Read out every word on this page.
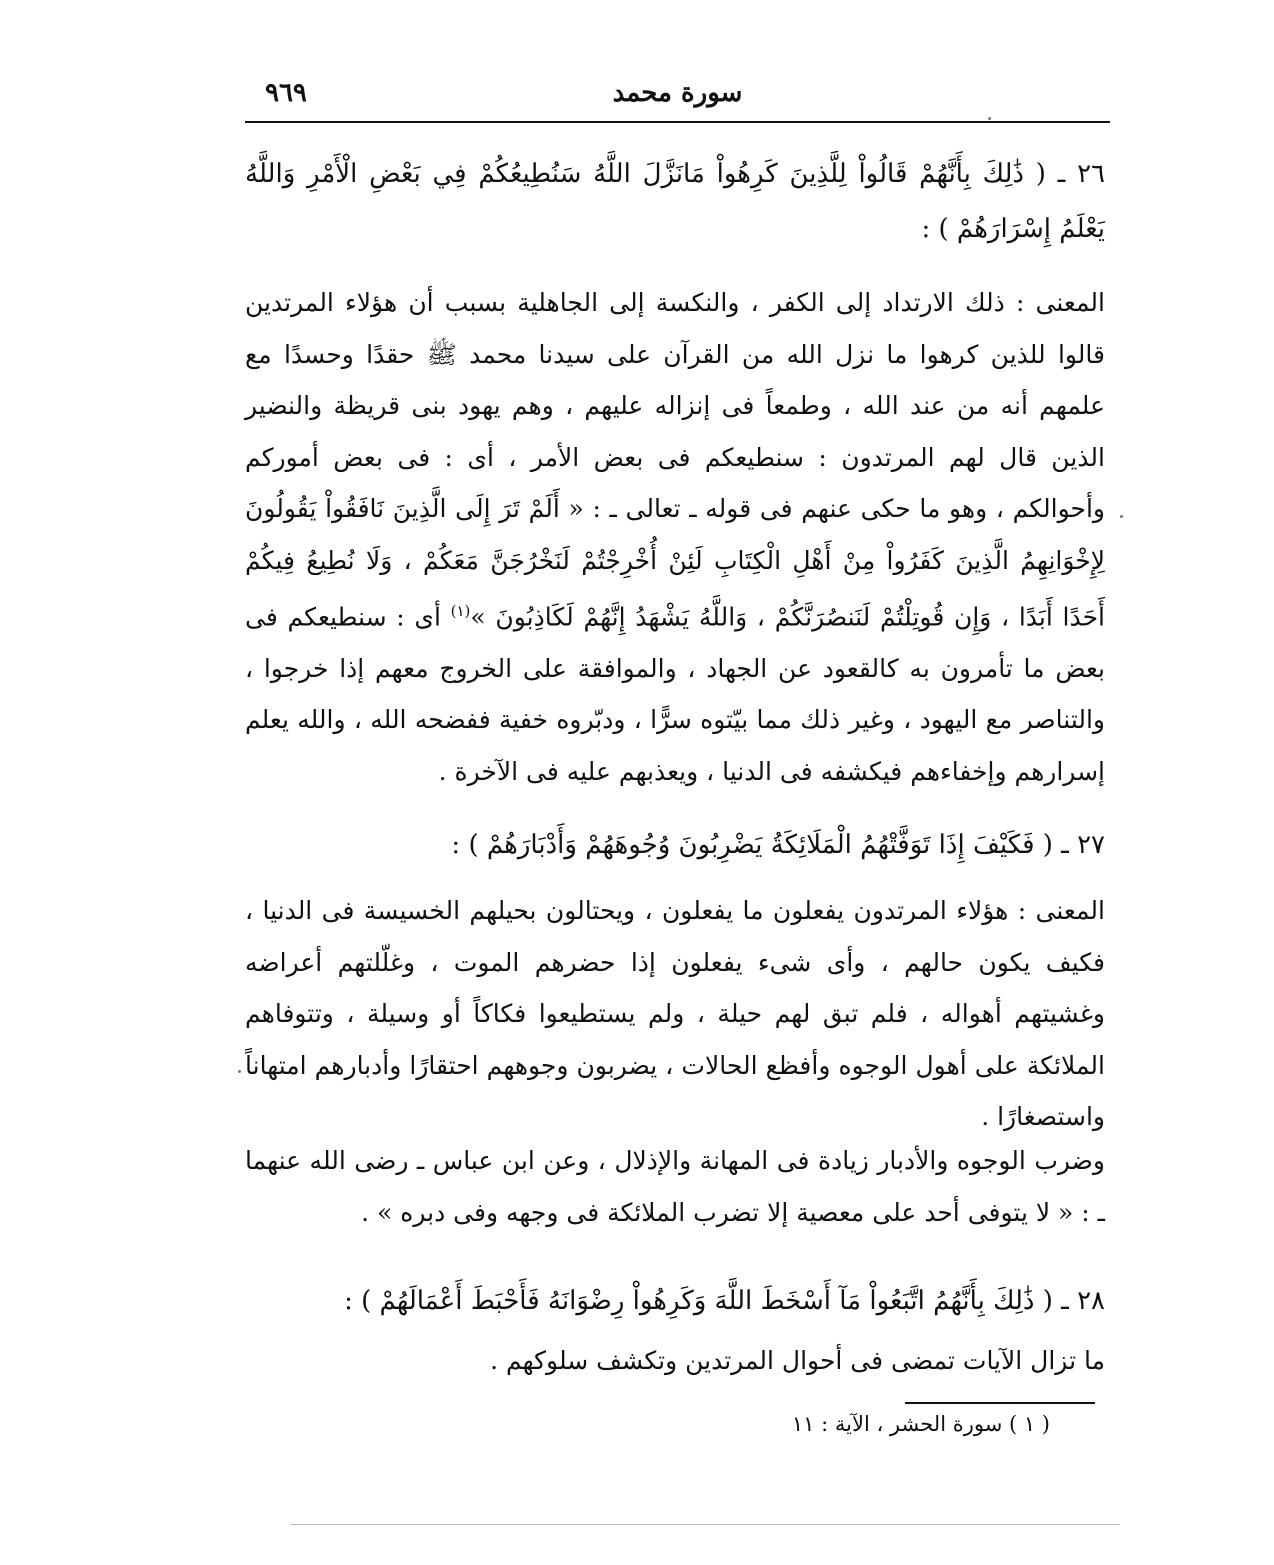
سورة محمد
٩٦٩
٢٦ ـ ( ذَٰلِكَ بِأَنَّهُمْ قَالُواْ لِلَّذِينَ كَرِهُواْ مَانَزَّلَ اللَّهُ سَنُطِيعُكُمْ فِي بَعْضِ الْأَمْرِ وَاللَّهُ يَعْلَمُ إِسْرَارَهُمْ ) :
المعنى : ذلك الارتداد إلى الكفر ، والنكسة إلى الجاهلية بسبب أن هؤلاء المرتدين قالوا للذين كرهوا ما نزل الله من القرآن على سيدنا محمد ﷺ حقدًا وحسدًا مع علمهم أنه من عند الله ، وطمعاً فى إنزاله عليهم ، وهم يهود بنى قريظة والنضير الذين قال لهم المرتدون : سنطيعكم فى بعض الأمر ، أى : فى بعض أموركم وأحوالكم ، وهو ما حكى عنهم فى قوله ـ تعالى ـ : « أَلَمْ تَرَ إِلَى الَّذِينَ نَافَقُواْ يَقُولُونَ لِإِخْوَانِهِمُ الَّذِينَ كَفَرُواْ مِنْ أَهْلِ الْكِتَابِ لَئِنْ أُخْرِجْتُمْ لَنَخْرُجَنَّ مَعَكُمْ ، وَلَا نُطِيعُ فِيكُمْ أَحَدًا أَبَدًا ، وَإِن قُوتِلْتُمْ لَنَنصُرَنَّكُمْ ، وَاللَّهُ يَشْهَدُ إِنَّهُمْ لَكَاذِبُونَ »$^{(١)}$ أى : سنطيعكم فى بعض ما تأمرون به كالقعود عن الجهاد ، والموافقة على الخروج معهم إذا خرجوا ، والتناصر مع اليهود ، وغير ذلك مما بيّتوه سرًّا ، ودبّروه خفية ففضحه الله ، والله يعلم إسرارهم وإخفاءهم فيكشفه فى الدنيا ، ويعذبهم عليه فى الآخرة .
٢٧ ـ ( فَكَيْفَ إِذَا تَوَفَّتْهُمُ الْمَلَائِكَةُ يَضْرِبُونَ وُجُوهَهُمْ وَأَدْبَارَهُمْ ) :
المعنى : هؤلاء المرتدون يفعلون ما يفعلون ، ويحتالون بحيلهم الخسيسة فى الدنيا ، فكيف يكون حالهم ، وأى شىء يفعلون إذا حضرهم الموت ، وغلّلتهم أعراضه وغشيتهم أهواله ، فلم تبق لهم حيلة ، ولم يستطيعوا فكاكاً أو وسيلة ، وتتوفاهم الملائكة على أهول الوجوه وأفظع الحالات ، يضربون وجوههم احتقارًا وأدبارهم امتهاناً واستصغارًا .
وضرب الوجوه والأدبار زيادة فى المهانة والإذلال ، وعن ابن عباس ـ رضى الله عنهما ـ : « لا يتوفى أحد على معصية إلا تضرب الملائكة فى وجهه وفى دبره » .
٢٨ ـ ( ذَٰلِكَ بِأَنَّهُمُ اتَّبَعُواْ مَآ أَسْخَطَ اللَّهَ وَكَرِهُواْ رِضْوَانَهُ فَأَحْبَطَ أَعْمَالَهُمْ ) :
ما تزال الآيات تمضى فى أحوال المرتدين وتكشف سلوكهم .
( ١ ) سورة الحشر ، الآية : ١١
